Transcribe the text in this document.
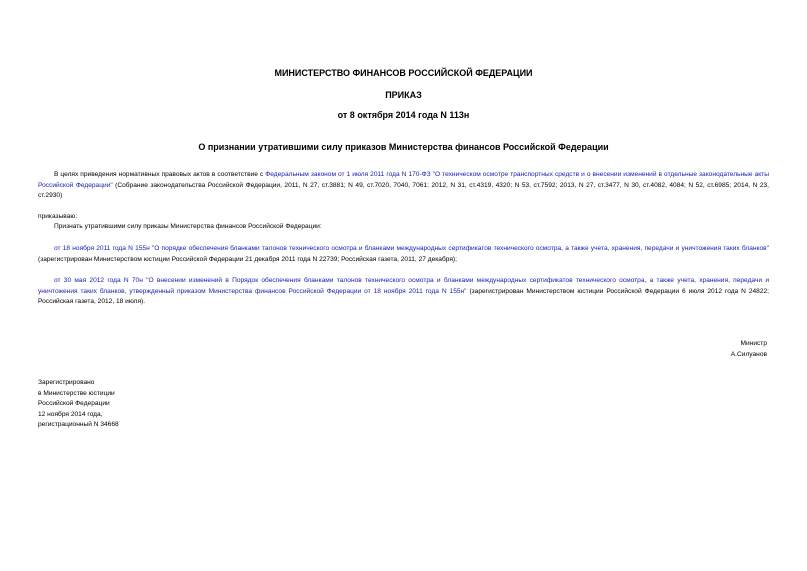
МИНИСТЕРСТВО ФИНАНСОВ РОССИЙСКОЙ ФЕДЕРАЦИИ
ПРИКАЗ
от 8 октября 2014 года N 113н
О признании утратившими силу приказов Министерства финансов Российской Федерации
В целях приведения нормативных правовых актов в соответствие с Федеральным законом от 1 июля 2011 года N 170-ФЗ "О техническом осмотре транспортных средств и о внесении изменений в отдельные законодательные акты Российской Федерации" (Собрание законодательства Российской Федерации, 2011, N 27, ст.3881; N 49, ст.7020, 7040, 7061; 2012, N 31, ст.4319, 4320; N 53, ст.7592; 2013, N 27, ст.3477, N 30, ст.4082, 4084; N 52, ст.6985; 2014, N 23, ст.2930)
приказываю:
Признать утратившими силу приказы Министерства финансов Российской Федерации:
от 18 ноября 2011 года N 155н "О порядке обеспечения бланками талонов технического осмотра и бланками международных сертификатов технического осмотра, а также учета, хранения, передачи и уничтожения таких бланков" (зарегистрирован Министерством юстиции Российской Федерации 21 декабря 2011 года N 22739; Российская газета, 2011, 27 декабря);
от 30 мая 2012 года N 70н "О внесении изменений в Порядок обеспечения бланками талонов технического осмотра и бланками международных сертификатов технического осмотра, а также учета, хранения, передачи и уничтожения таких бланков, утвержденный приказом Министерства финансов Российской Федерации от 18 ноября 2011 года N 155н" (зарегистрирован Министерством юстиции Российской Федерации 6 июля 2012 года N 24822; Российская газета, 2012, 18 июля).
Министр
А.Силуанов
Зарегистрировано
в Министерстве юстиции
Российской Федерации
12 ноября 2014 года,
регистрационный N 34668
